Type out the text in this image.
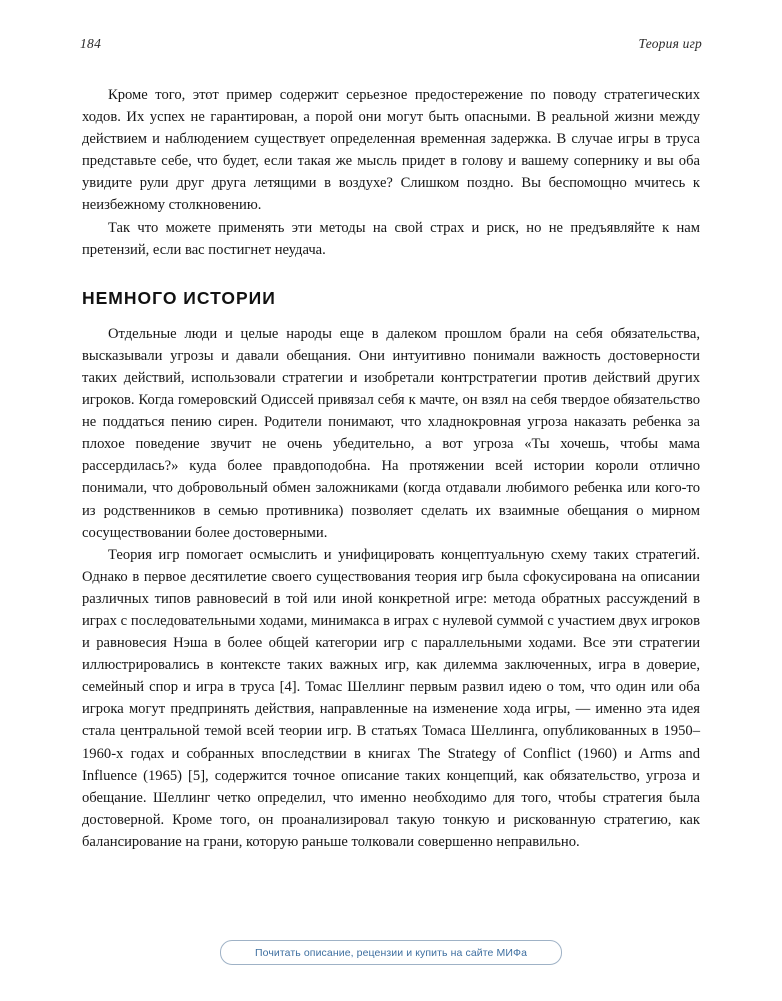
184	Теория игр

Кроме того, этот пример содержит серьезное предостережение по поводу стратегических ходов. Их успех не гарантирован, а порой они могут быть опасными. В реальной жизни между действием и наблюдением существует определенная временная задержка. В случае игры в труса представьте себе, что будет, если такая же мысль придет в голову и вашему сопернику и вы оба увидите рули друг друга летящими в воздухе? Слишком поздно. Вы беспомощно мчитесь к неизбежному столкновению.

Так что можете применять эти методы на свой страх и риск, но не предъявляйте к нам претензий, если вас постигнет неудача.

НЕМНОГО ИСТОРИИ

Отдельные люди и целые народы еще в далеком прошлом брали на себя обязательства, высказывали угрозы и давали обещания. Они интуитивно понимали важность достоверности таких действий, использовали стратегии и изобретали контрстратегии против действий других игроков. Когда гомеровский Одиссей привязал себя к мачте, он взял на себя твердое обязательство не поддаться пению сирен. Родители понимают, что хладнокровная угроза наказать ребенка за плохое поведение звучит не очень убедительно, а вот угроза «Ты хочешь, чтобы мама рассердилась?» куда более правдоподобна. На протяжении всей истории короли отлично понимали, что добровольный обмен заложниками (когда отдавали любимого ребенка или кого-то из родственников в семью противника) позволяет сделать их взаимные обещания о мирном сосуществовании более достоверными.

Теория игр помогает осмыслить и унифицировать концептуальную схему таких стратегий. Однако в первое десятилетие своего существования теория игр была сфокусирована на описании различных типов равновесий в той или иной конкретной игре: метода обратных рассуждений в играх с последовательными ходами, минимакса в играх с нулевой суммой с участием двух игроков и равновесия Нэша в более общей категории игр с параллельными ходами. Все эти стратегии иллюстрировались в контексте таких важных игр, как дилемма заключенных, игра в доверие, семейный спор и игра в труса [4]. Томас Шеллинг первым развил идею о том, что один или оба игрока могут предпринять действия, направленные на изменение хода игры, — именно эта идея стала центральной темой всей теории игр. В статьях Томаса Шеллинга, опубликованных в 1950–1960-х годах и собранных впоследствии в книгах The Strategy of Conflict (1960) и Arms and Influence (1965) [5], содержится точное описание таких концепций, как обязательство, угроза и обещание. Шеллинг четко определил, что именно необходимо для того, чтобы стратегия была достоверной. Кроме того, он проанализировал такую тонкую и рискованную стратегию, как балансирование на грани, которую раньше толковали совершенно неправильно.

Почитать описание, рецензии и купить на сайте МИФа
